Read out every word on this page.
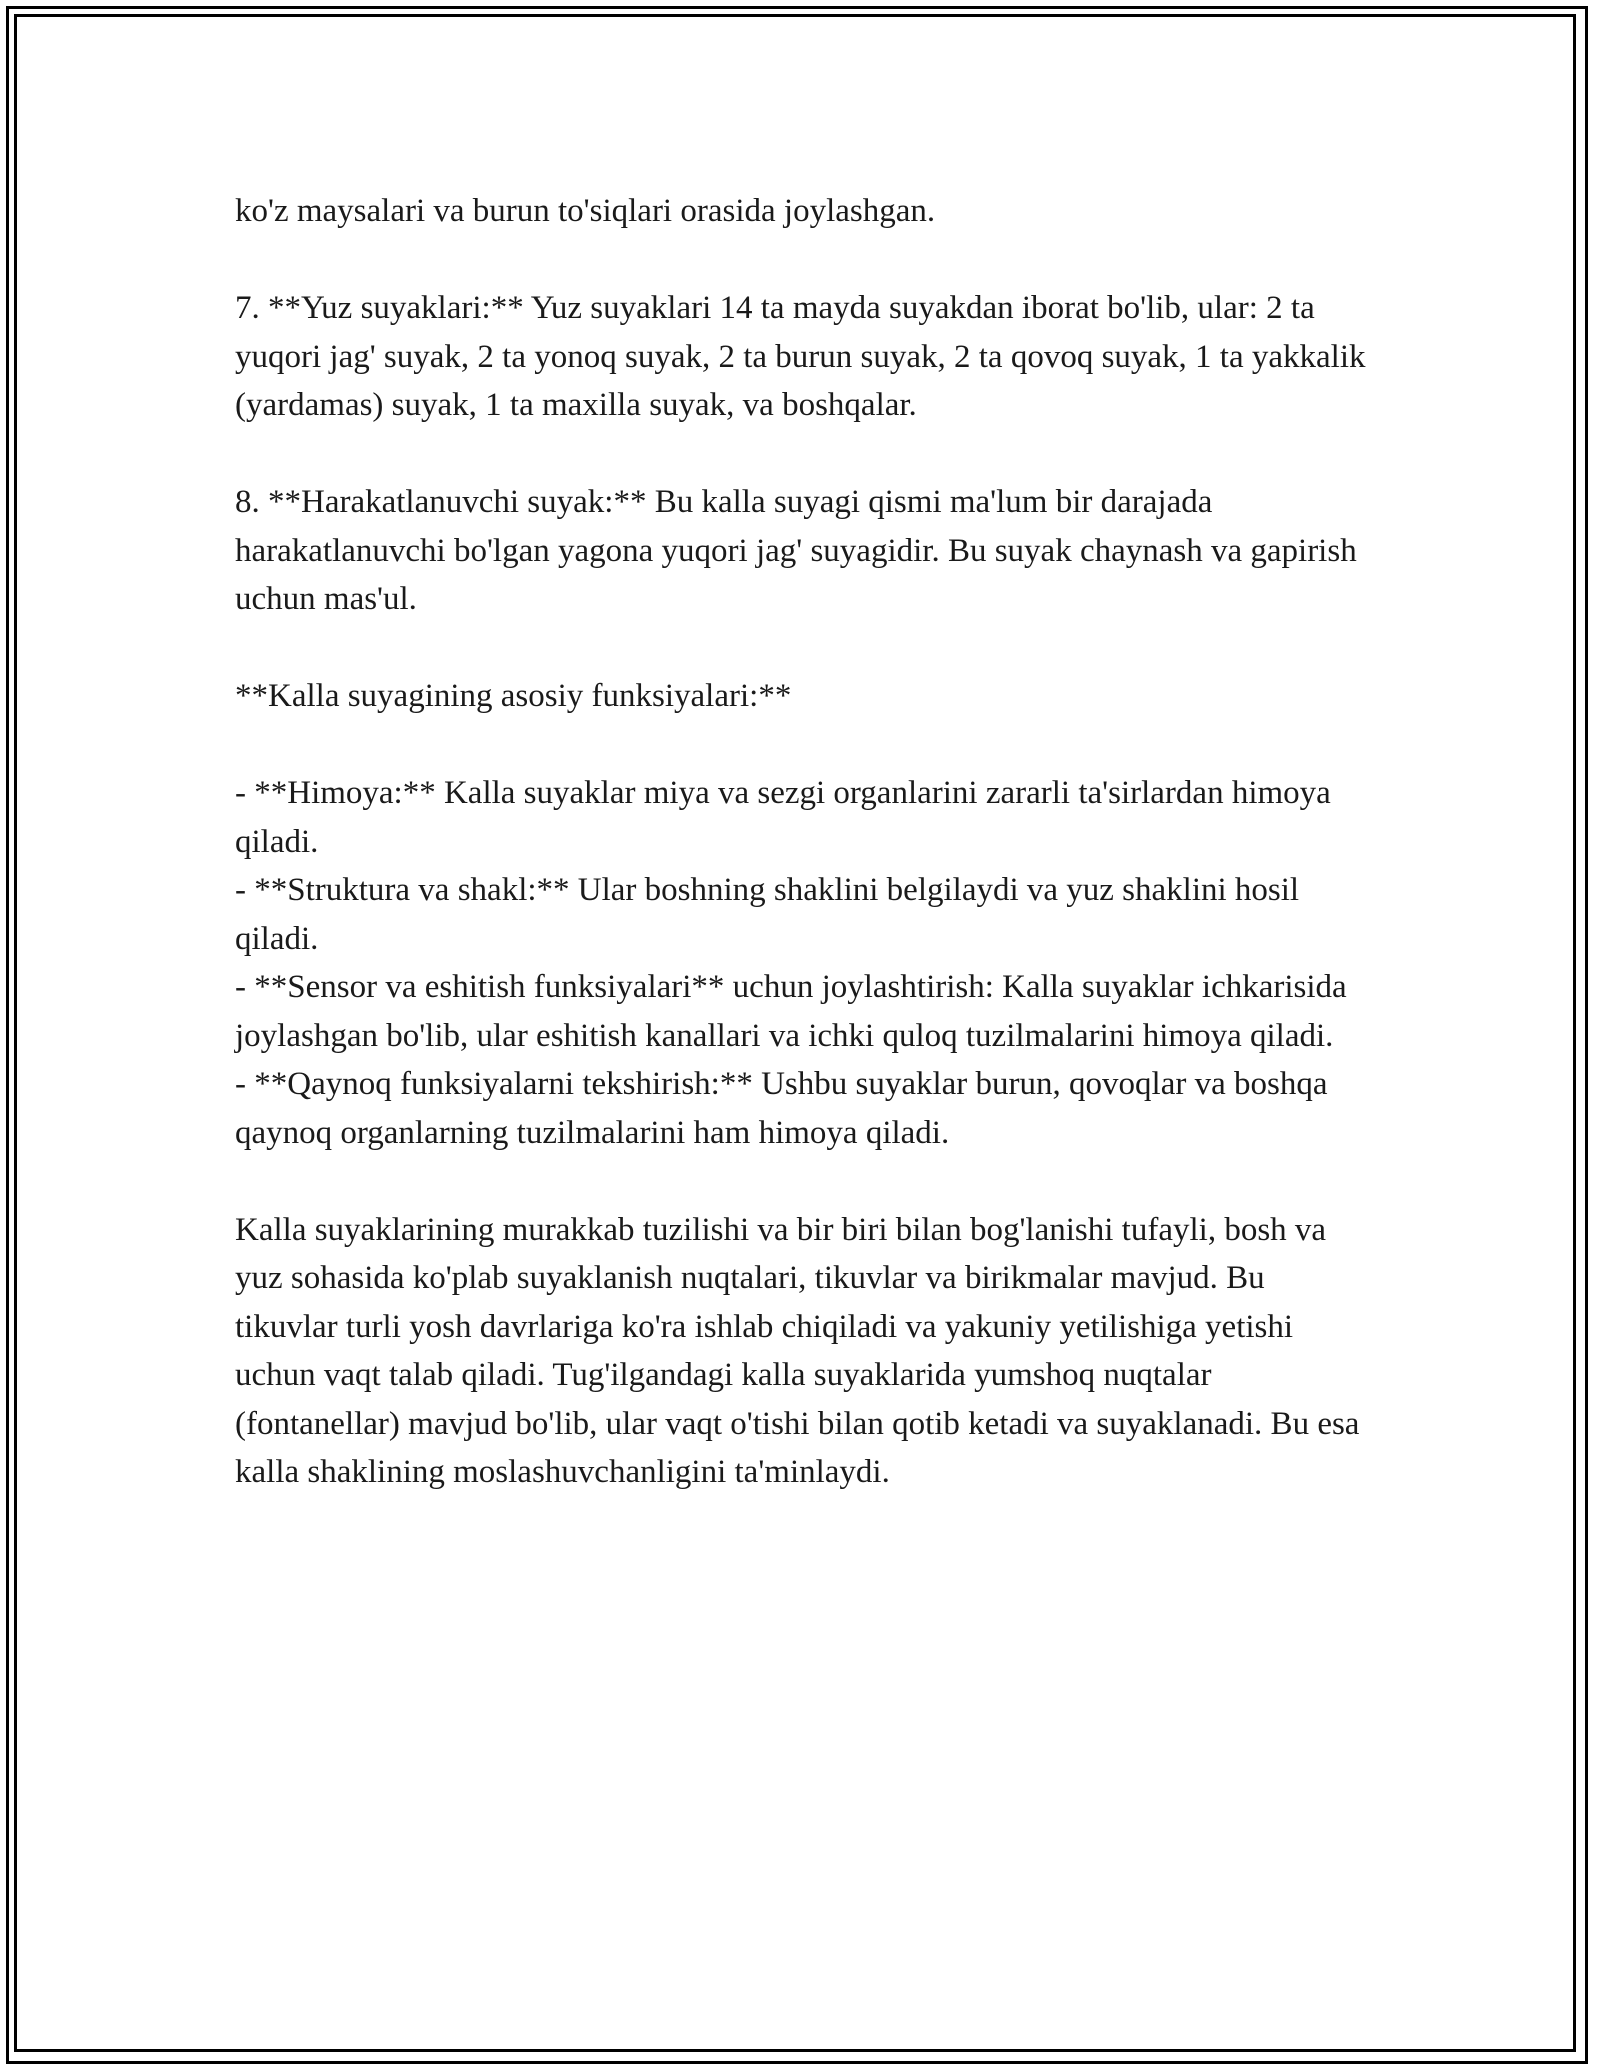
ko'z maysalari va burun to'siqlari orasida joylashgan.

7. **Yuz suyaklari:** Yuz suyaklari 14 ta mayda suyakdan iborat bo'lib, ular: 2 ta yuqori jag' suyak, 2 ta yonoq suyak, 2 ta burun suyak, 2 ta qovoq suyak, 1 ta yakkalik (yardamas) suyak, 1 ta maxilla suyak, va boshqalar.

8. **Harakatlanuvchi suyak:** Bu kalla suyagi qismi ma'lum bir darajada harakatlanuvchi bo'lgan yagona yuqori jag' suyagidir. Bu suyak chaynash va gapirish uchun mas'ul.

**Kalla suyagining asosiy funksiyalari:**

- **Himoya:** Kalla suyaklar miya va sezgi organlarini zararli ta'sirlardan himoya qiladi.

- **Struktura va shakl:** Ular boshning shaklini belgilaydi va yuz shaklini hosil qiladi.

- **Sensor va eshitish funksiyalari** uchun joylashtirish: Kalla suyaklar ichkarisida joylashgan bo'lib, ular eshitish kanallari va ichki quloq tuzilmalarini himoya qiladi.

- **Qaynoq funksiyalarni tekshirish:** Ushbu suyaklar burun, qovoqlar va boshqa qaynoq organlarning tuzilmalarini ham himoya qiladi.

Kalla suyaklarining murakkab tuzilishi va bir biri bilan bog'lanishi tufayli, bosh va yuz sohasida ko'plab suyaklanish nuqtalari, tikuvlar va birikmalar mavjud. Bu tikuvlar turli yosh davrlariga ko'ra ishlab chiqiladi va yakuniy yetilishiga yetishi uchun vaqt talab qiladi. Tug'ilgandagi kalla suyaklarida yumshoq nuqtalar (fontanellar) mavjud bo'lib, ular vaqt o'tishi bilan qotib ketadi va suyaklanadi. Bu esa kalla shaklining moslashuvchanligini ta'minlaydi.
